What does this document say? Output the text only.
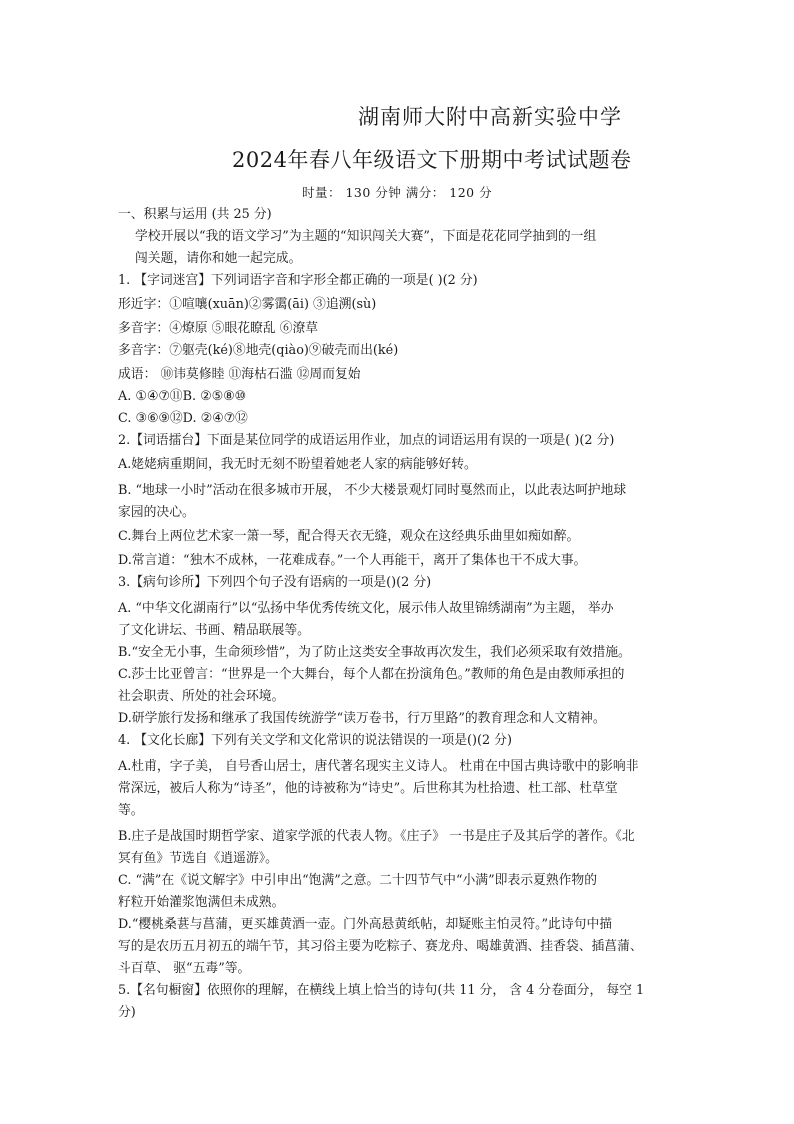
湖南师大附中高新实验中学
2024年春八年级语文下册期中考试试题卷
时量： 130 分钟 满分： 120 分
一、积累与运用 (共 25 分)
学校开展以“我的语文学习”为主题的“知识闯关大赛”，下面是花花同学抽到的一组
闯关题，请你和她一起完成。
1. 【字词迷宫】下列词语字音和字形全都正确的一项是( )(2 分)
形近字：①喧嚷(xuān)②雾霭(āi) ③追溯(sù)
多音字：④燎原 ⑤眼花瞭乱 ⑥潦草
多音字：⑦躯壳(ké)⑧地壳(qiào)⑨破壳而出(ké)
成语： ⑩讳莫修睦 ⑪海枯石滥 ⑫周而复始
A. ①④⑦⑪B. ②⑤⑧⑩
C. ③⑥⑨⑫D. ②④⑦⑫
2.【词语擂台】下面是某位同学的成语运用作业，加点的词语运用有误的一项是( )(2 分)
A.姥姥病重期间，我无时无刻不盼望着她老人家的病能够好转。
B. “地球一小时”活动在很多城市开展， 不少大楼景观灯同时戛然而止，以此表达呵护地球
家园的决心。
C.舞台上两位艺术家一箫一琴，配合得天衣无缝，观众在这经典乐曲里如痴如醉。
D.常言道：“独木不成林，一花难成春。”一个人再能干，离开了集体也干不成大事。
3.【病句诊所】下列四个句子没有语病的一项是()(2 分)
A. “中华文化湖南行”以“弘扬中华优秀传统文化，展示伟人故里锦绣湖南”为主题， 举办
了文化讲坛、书画、精品联展等。
B.“安全无小事，生命须珍惜”，为了防止这类安全事故再次发生，我们必须采取有效措施。
C.莎士比亚曾言：“世界是一个大舞台，每个人都在扮演角色。”教师的角色是由教师承担的
社会职责、所处的社会环境。
D.研学旅行发扬和继承了我国传统游学“读万卷书，行万里路”的教育理念和人文精神。
4. 【文化长廊】下列有关文学和文化常识的说法错误的一项是()(2 分)
A.杜甫，字子美， 自号香山居士，唐代著名现实主义诗人。 杜甫在中国古典诗歌中的影响非
常深远，被后人称为“诗圣”，他的诗被称为“诗史”。后世称其为杜拾遗、杜工部、杜草堂
等。
B.庄子是战国时期哲学家、道家学派的代表人物。《庄子》 一书是庄子及其后学的著作。《北
冥有鱼》节选自《逍遥游》。
C. “满”在《说文解字》中引申出“饱满”之意。二十四节气中“小满”即表示夏熟作物的
籽粒开始灌浆饱满但未成熟。
D.“樱桃桑葚与菖蒲，更买雄黄酒一壶。门外高悬黄纸帖，却疑账主怕灵符。”此诗句中描
写的是农历五月初五的端午节，其习俗主要为吃粽子、赛龙舟、喝雄黄酒、挂香袋、插菖蒲、
斗百草、 驱“五毒”等。
5.【名句橱窗】依照你的理解，在横线上填上恰当的诗句(共 11 分， 含 4 分卷面分， 每空 1
分)
